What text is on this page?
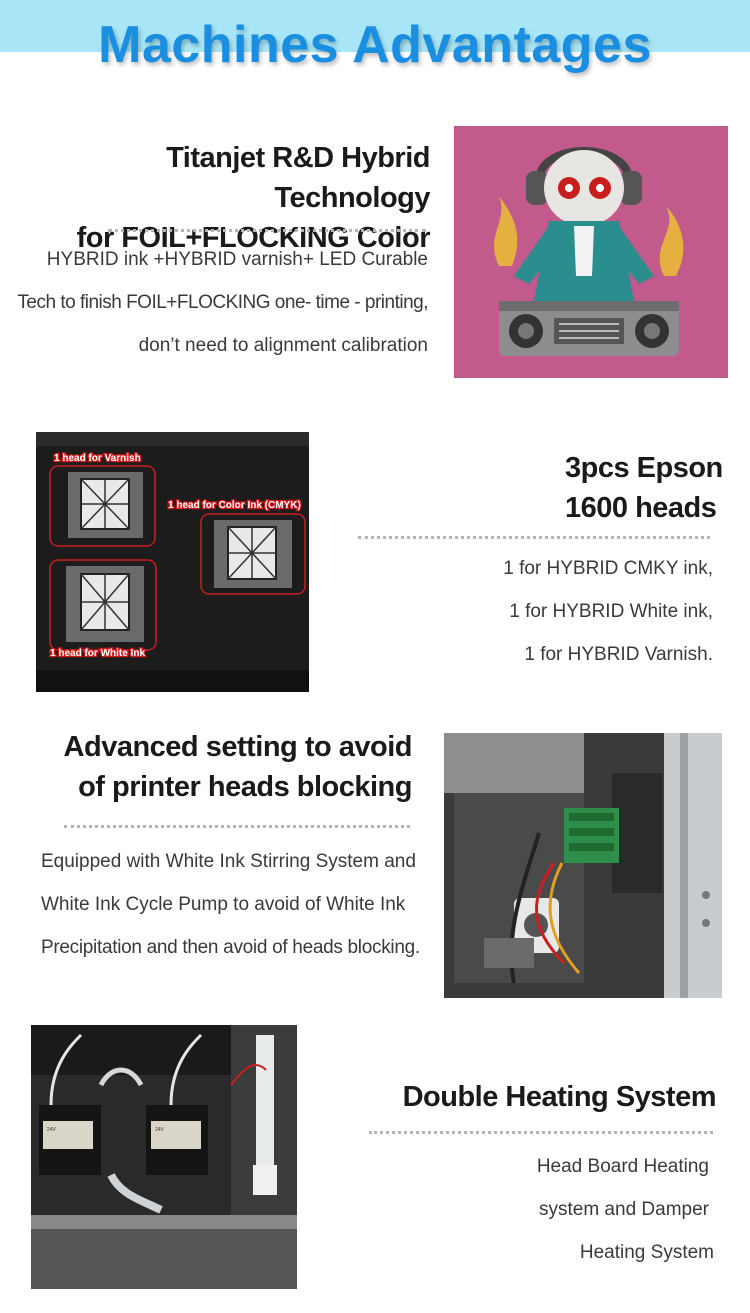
Machines Advantages
Titanjet R&D Hybrid Technology
for FOIL+FLOCKING Color
HYBRID ink +HYBRID varnish+ LED Curable
Tech to finish FOIL+FLOCKING one- time - printing,
don’t need to alignment calibration
1 head for Varnish
1 head for Color Ink (CMYK)
1 head for White Ink
3pcs Epson
1600 heads
1 for HYBRID CMKY ink,
1 for HYBRID White ink,
1 for HYBRID Varnish.
Advanced setting to avoid
of printer heads blocking
Equipped with White Ink Stirring System and
White Ink Cycle Pump to avoid of White Ink
Precipitation and then avoid of heads blocking.
24V	24V
Double Heating System
Head Board Heating
system and Damper
Heating System
